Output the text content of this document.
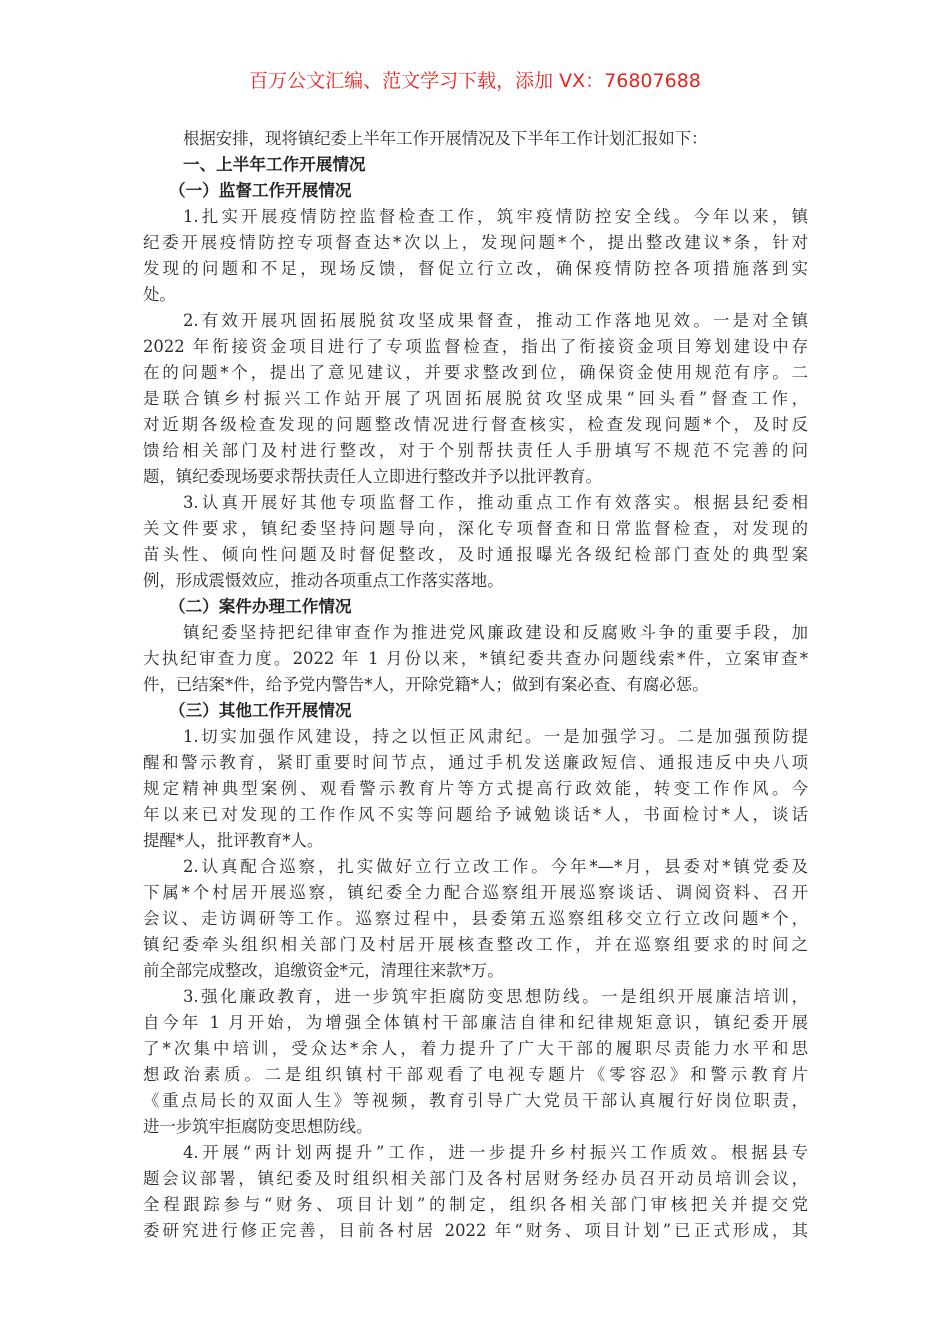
百万公文汇编、范文学习下载，添加 VX：76807688
根据安排，现将镇纪委上半年工作开展情况及下半年工作计划汇报如下：
一、上半年工作开展情况
（一）监督工作开展情况
1.扎实开展疫情防控监督检查工作，筑牢疫情防控安全线。今年以来，镇
纪委开展疫情防控专项督查达*次以上，发现问题*个，提出整改建议*条，针对
发现的问题和不足，现场反馈，督促立行立改，确保疫情防控各项措施落到实
处。
2.有效开展巩固拓展脱贫攻坚成果督查，推动工作落地见效。一是对全镇
2022 年衔接资金项目进行了专项监督检查，指出了衔接资金项目筹划建设中存
在的问题*个，提出了意见建议，并要求整改到位，确保资金使用规范有序。二
是联合镇乡村振兴工作站开展了巩固拓展脱贫攻坚成果“回头看”督查工作，
对近期各级检查发现的问题整改情况进行督查核实，检查发现问题*个，及时反
馈给相关部门及村进行整改，对于个别帮扶责任人手册填写不规范不完善的问
题，镇纪委现场要求帮扶责任人立即进行整改并予以批评教育。
3.认真开展好其他专项监督工作，推动重点工作有效落实。根据县纪委相
关文件要求，镇纪委坚持问题导向，深化专项督查和日常监督检查，对发现的
苗头性、倾向性问题及时督促整改，及时通报曝光各级纪检部门查处的典型案
例，形成震慑效应，推动各项重点工作落实落地。
（二）案件办理工作情况
镇纪委坚持把纪律审查作为推进党风廉政建设和反腐败斗争的重要手段，加
大执纪审查力度。2022 年 1 月份以来，*镇纪委共查办问题线索*件，立案审查*
件，已结案*件，给予党内警告*人，开除党籍*人；做到有案必查、有腐必惩。
（三）其他工作开展情况
1.切实加强作风建设，持之以恒正风肃纪。一是加强学习。二是加强预防提
醒和警示教育，紧盯重要时间节点，通过手机发送廉政短信、通报违反中央八项
规定精神典型案例、观看警示教育片等方式提高行政效能，转变工作作风。今
年以来已对发现的工作作风不实等问题给予诫勉谈话*人，书面检讨*人，谈话
提醒*人，批评教育*人。
2.认真配合巡察，扎实做好立行立改工作。今年*—*月，县委对*镇党委及
下属*个村居开展巡察，镇纪委全力配合巡察组开展巡察谈话、调阅资料、召开
会议、走访调研等工作。巡察过程中，县委第五巡察组移交立行立改问题*个，
镇纪委牵头组织相关部门及村居开展核查整改工作，并在巡察组要求的时间之
前全部完成整改，追缴资金*元，清理往来款*万。
3.强化廉政教育，进一步筑牢拒腐防变思想防线。一是组织开展廉洁培训，
自今年 1 月开始，为增强全体镇村干部廉洁自律和纪律规矩意识，镇纪委开展
了*次集中培训，受众达*余人，着力提升了广大干部的履职尽责能力水平和思
想政治素质。二是组织镇村干部观看了电视专题片《零容忍》和警示教育片
《重点局长的双面人生》等视频，教育引导广大党员干部认真履行好岗位职责，
进一步筑牢拒腐防变思想防线。
4.开展“两计划两提升”工作，进一步提升乡村振兴工作质效。根据县专
题会议部署，镇纪委及时组织相关部门及各村居财务经办员召开动员培训会议，
全程跟踪参与“财务、项目计划”的制定，组织各相关部门审核把关并提交党
委研究进行修正完善，目前各村居 2022 年“财务、项目计划”已正式形成，其
